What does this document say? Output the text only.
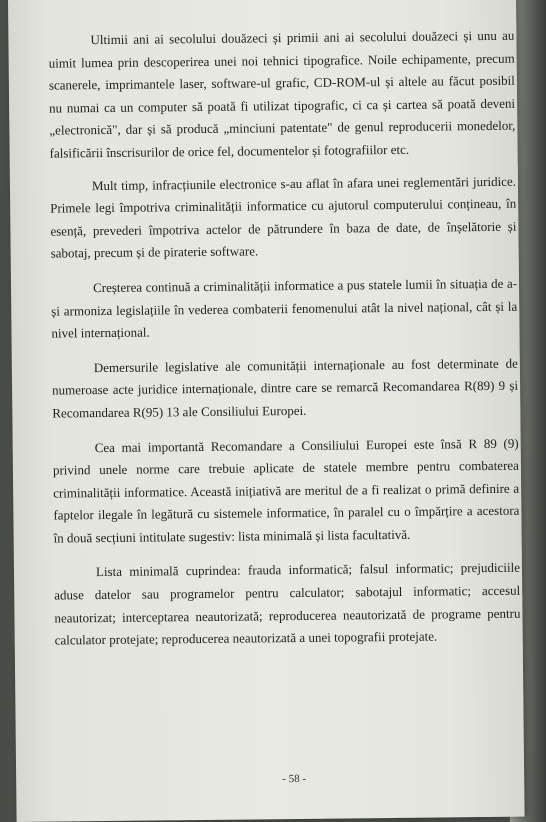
Ultimii ani ai secolului douăzeci și primii ani ai secolului douăzeci și unu au uimit lumea prin descoperirea unei noi tehnici tipografice. Noile echipamente, precum scanerele, imprimantele laser, software-ul grafic, CD-ROM-ul și altele au făcut posibil nu numai ca un computer să poată fi utilizat tipografic, ci ca și cartea să poată deveni „electronică", dar și să producă „minciuni patentate" de genul reproducerii monedelor, falsificării înscrisurilor de orice fel, documentelor și fotografiilor etc.

Mult timp, infracțiunile electronice s-au aflat în afara unei reglementări juridice. Primele legi împotriva criminalității informatice cu ajutorul computerului conțineau, în esență, prevederi împotriva actelor de pătrundere în baza de date, de înșelătorie și sabotaj, precum și de piraterie software.

Creșterea continuă a criminalității informatice a pus statele lumii în situația de a-și armoniza legislațiile în vederea combaterii fenomenului atât la nivel național, cât și la nivel internațional.

Demersurile legislative ale comunității internaționale au fost determinate de numeroase acte juridice internaționale, dintre care se remarcă Recomandarea R(89) 9 și Recomandarea R(95) 13 ale Consiliului Europei.

Cea mai importantă Recomandare a Consiliului Europei este însă R 89 (9) privind unele norme care trebuie aplicate de statele membre pentru combaterea criminalității informatice. Această inițiativă are meritul de a fi realizat o primă definire a faptelor ilegale în legătură cu sistemele informatice, în paralel cu o împărțire a acestora în două secțiuni intitulate sugestiv: lista minimală și lista facultativă.

Lista minimală cuprindea: frauda informatică; falsul informatic; prejudiciile aduse datelor sau programelor pentru calculator; sabotajul informatic; accesul neautorizat; interceptarea neautorizată; reproducerea neautorizată de programe pentru calculator protejate; reproducerea neautorizată a unei topografii protejate.

- 58 -
